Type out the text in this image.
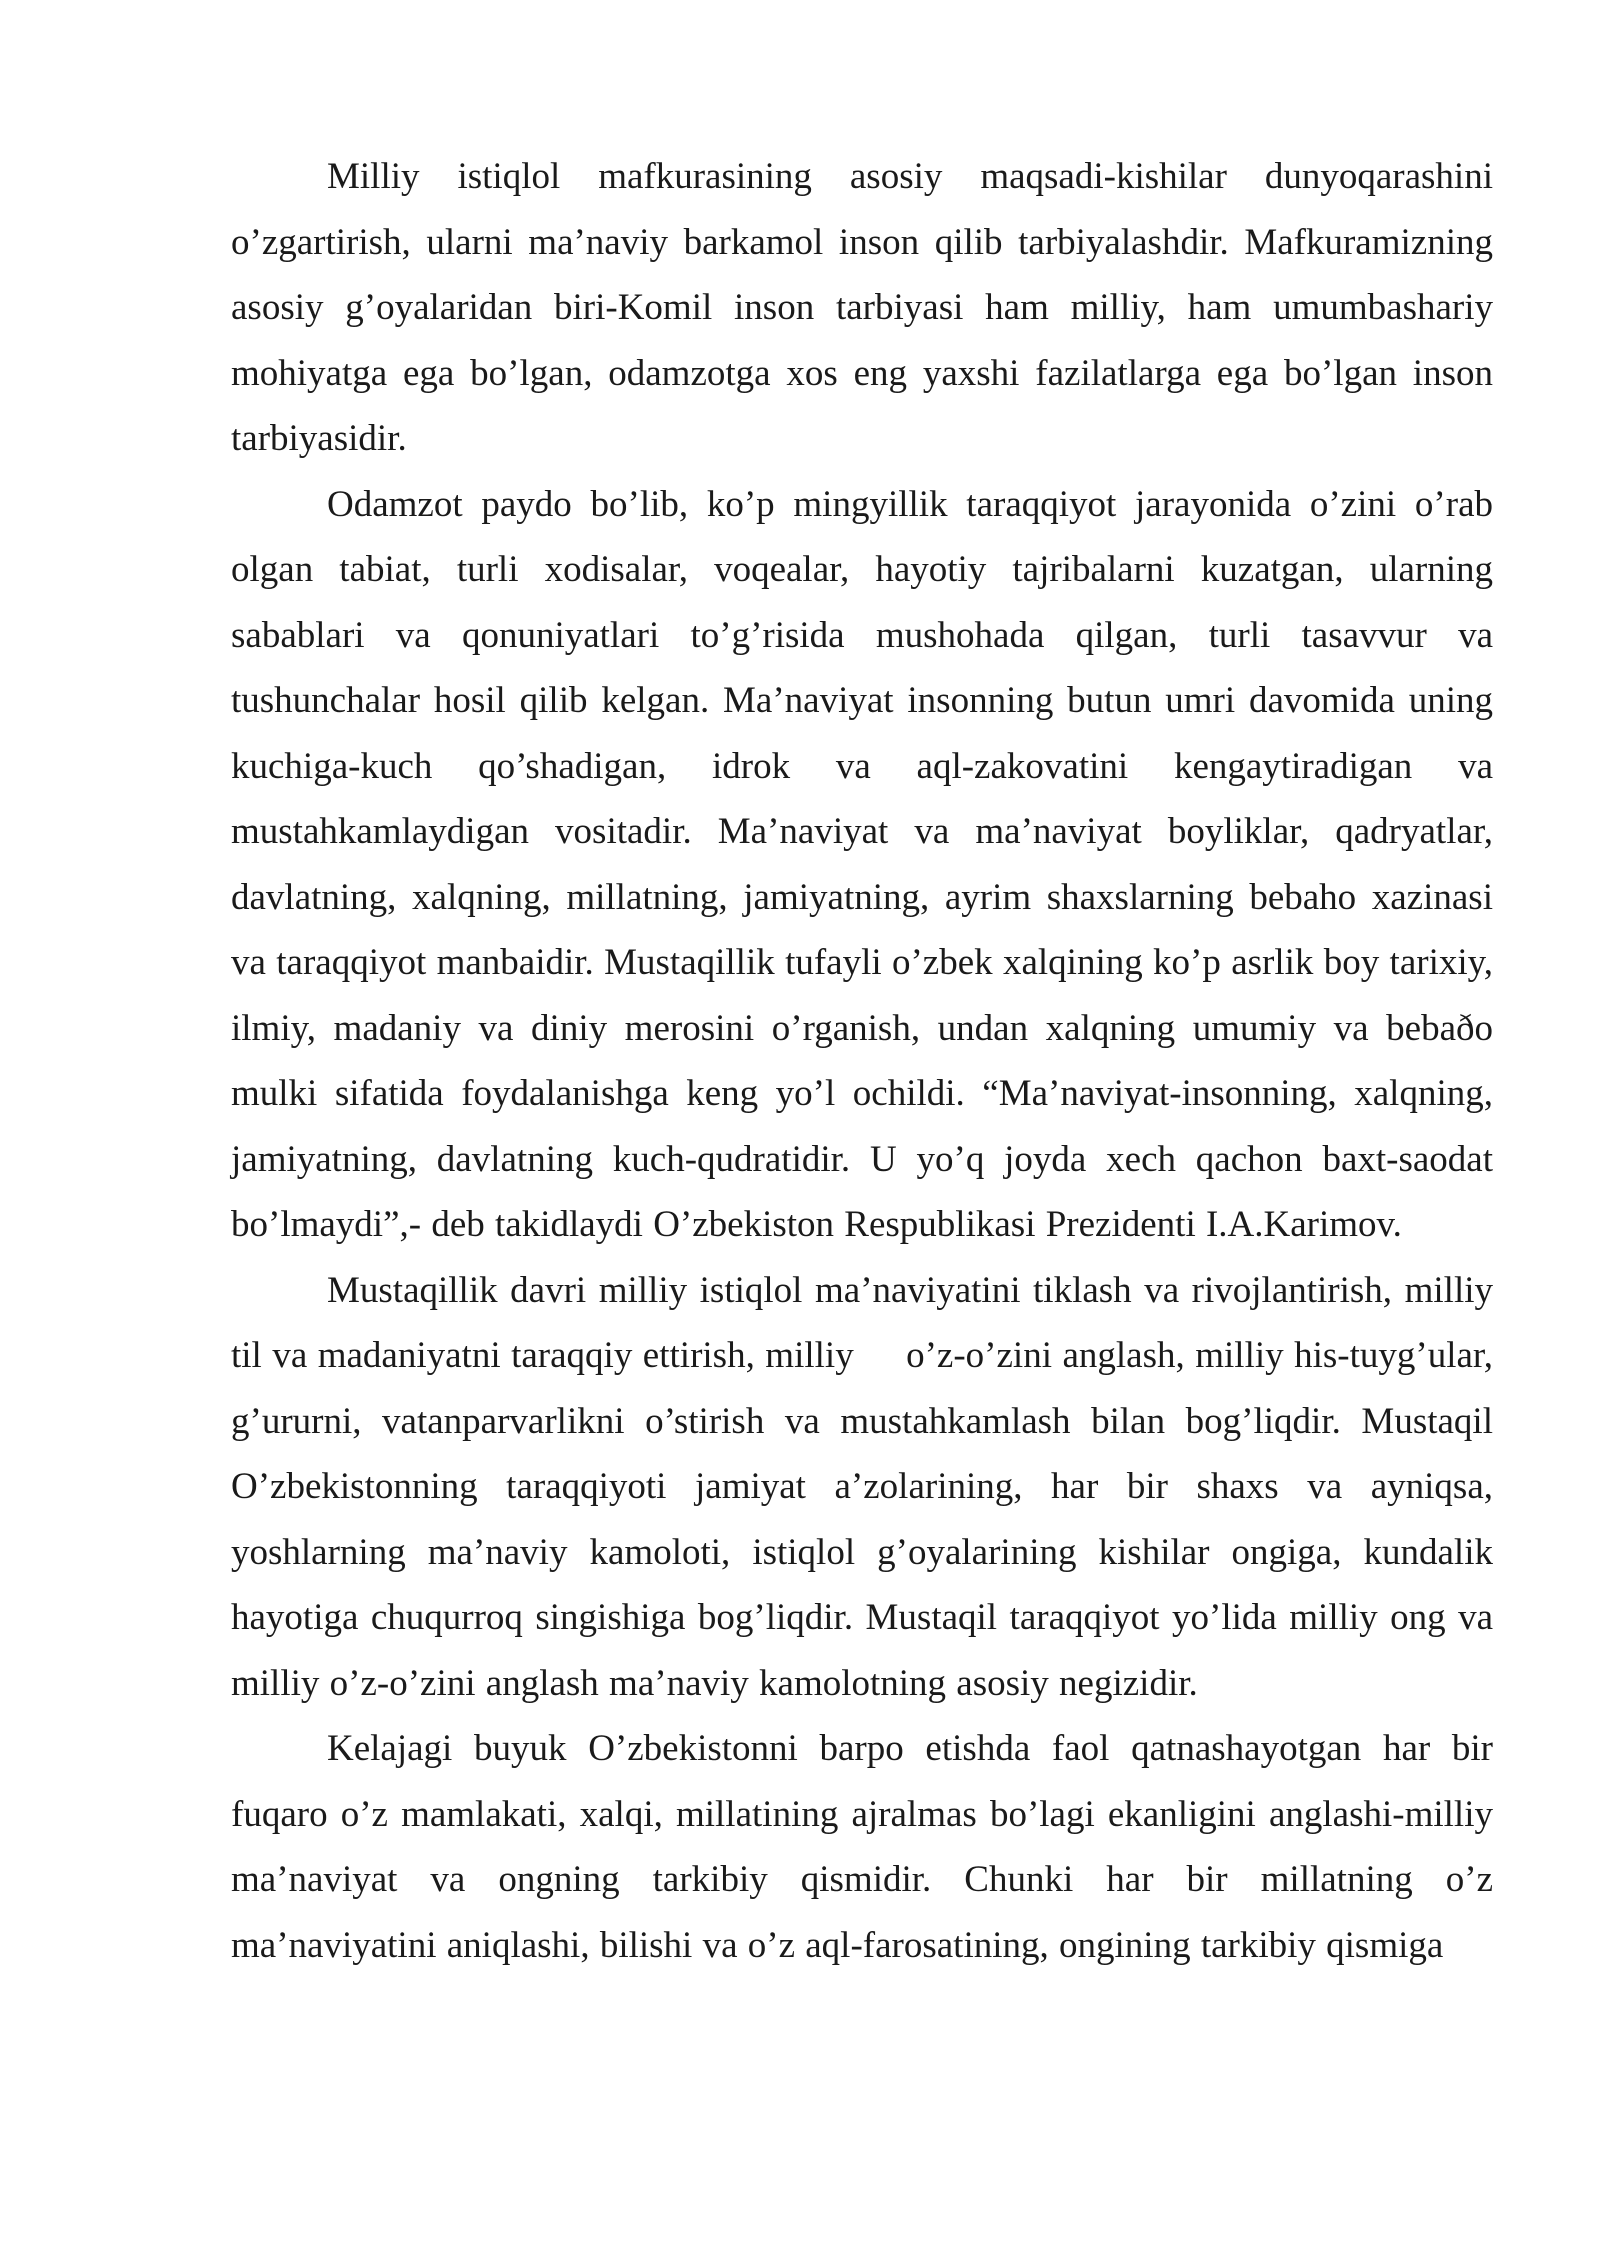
Milliy istiqlol mafkurasining asosiy maqsadi-kishilar dunyoqarashini o’zgartirish, ularni ma’naviy barkamol inson qilib tarbiyalashdir. Mafkuramizning asosiy g’oyalaridan biri-Komil inson tarbiyasi ham milliy, ham umumbashariy mohiyatga ega bo’lgan, odamzotga xos eng yaxshi fazilatlarga ega bo’lgan inson tarbiyasidir.

Odamzot paydo bo’lib, ko’p mingyillik taraqqiyot jarayonida o’zini o’rab olgan tabiat, turli xodisalar, voqealar, hayotiy tajribalarni kuzatgan, ularning sabablari va qonuniyatlari to’g’risida mushohada qilgan, turli tasavvur va tushunchalar hosil qilib kelgan. Ma’naviyat insonning butun umri davomida uning kuchiga-kuch qo’shadigan, idrok va aql-zakovatini kengaytiradigan va mustahkamlaydigan vositadir. Ma’naviyat va ma’naviyat boyliklar, qadryatlar, davlatning, xalqning, millatning, jamiyatning, ayrim shaxslarning bebaho xazinasi va taraqqiyot manbaidir. Mustaqillik tufayli o’zbek xalqining ko’p asrlik boy tarixiy, ilmiy, madaniy va diniy merosini o’rganish, undan xalqning umumiy va bebaðo mulki sifatida foydalanishga keng yo’l ochildi. “Ma’naviyat-insonning, xalqning, jamiyatning, davlatning kuch-qudratidir. U yo’q joyda xech qachon baxt-saodat bo’lmaydi”,- deb takidlaydi O’zbekiston Respublikasi Prezidenti I.A.Karimov.

Mustaqillik davri milliy istiqlol ma’naviyatini tiklash va rivojlantirish, milliy til va madaniyatni taraqqiy ettirish, milliy     o’z-o’zini anglash, milliy his-tuyg’ular, g’ururni, vatanparvarlikni o’stirish va mustahkamlash bilan bog’liqdir. Mustaqil O’zbekistonning taraqqiyoti jamiyat a’zolarining, har bir shaxs va ayniqsa, yoshlarning ma’naviy kamoloti, istiqlol g’oyalarining kishilar ongiga, kundalik hayotiga chuqurroq singishiga bog’liqdir. Mustaqil taraqqiyot yo’lida milliy ong va milliy o’z-o’zini anglash ma’naviy kamolotning asosiy negizidir.

Kelajagi buyuk O’zbekistonni barpo etishda faol qatnashayotgan har bir fuqaro o’z mamlakati, xalqi, millatining ajralmas bo’lagi ekanligini anglashi-milliy ma’naviyat va ongning tarkibiy qismidir. Chunki har bir millatning o’z ma’naviyatini aniqlashi, bilishi va o’z aql-farosatining, ongining tarkibiy qismiga
